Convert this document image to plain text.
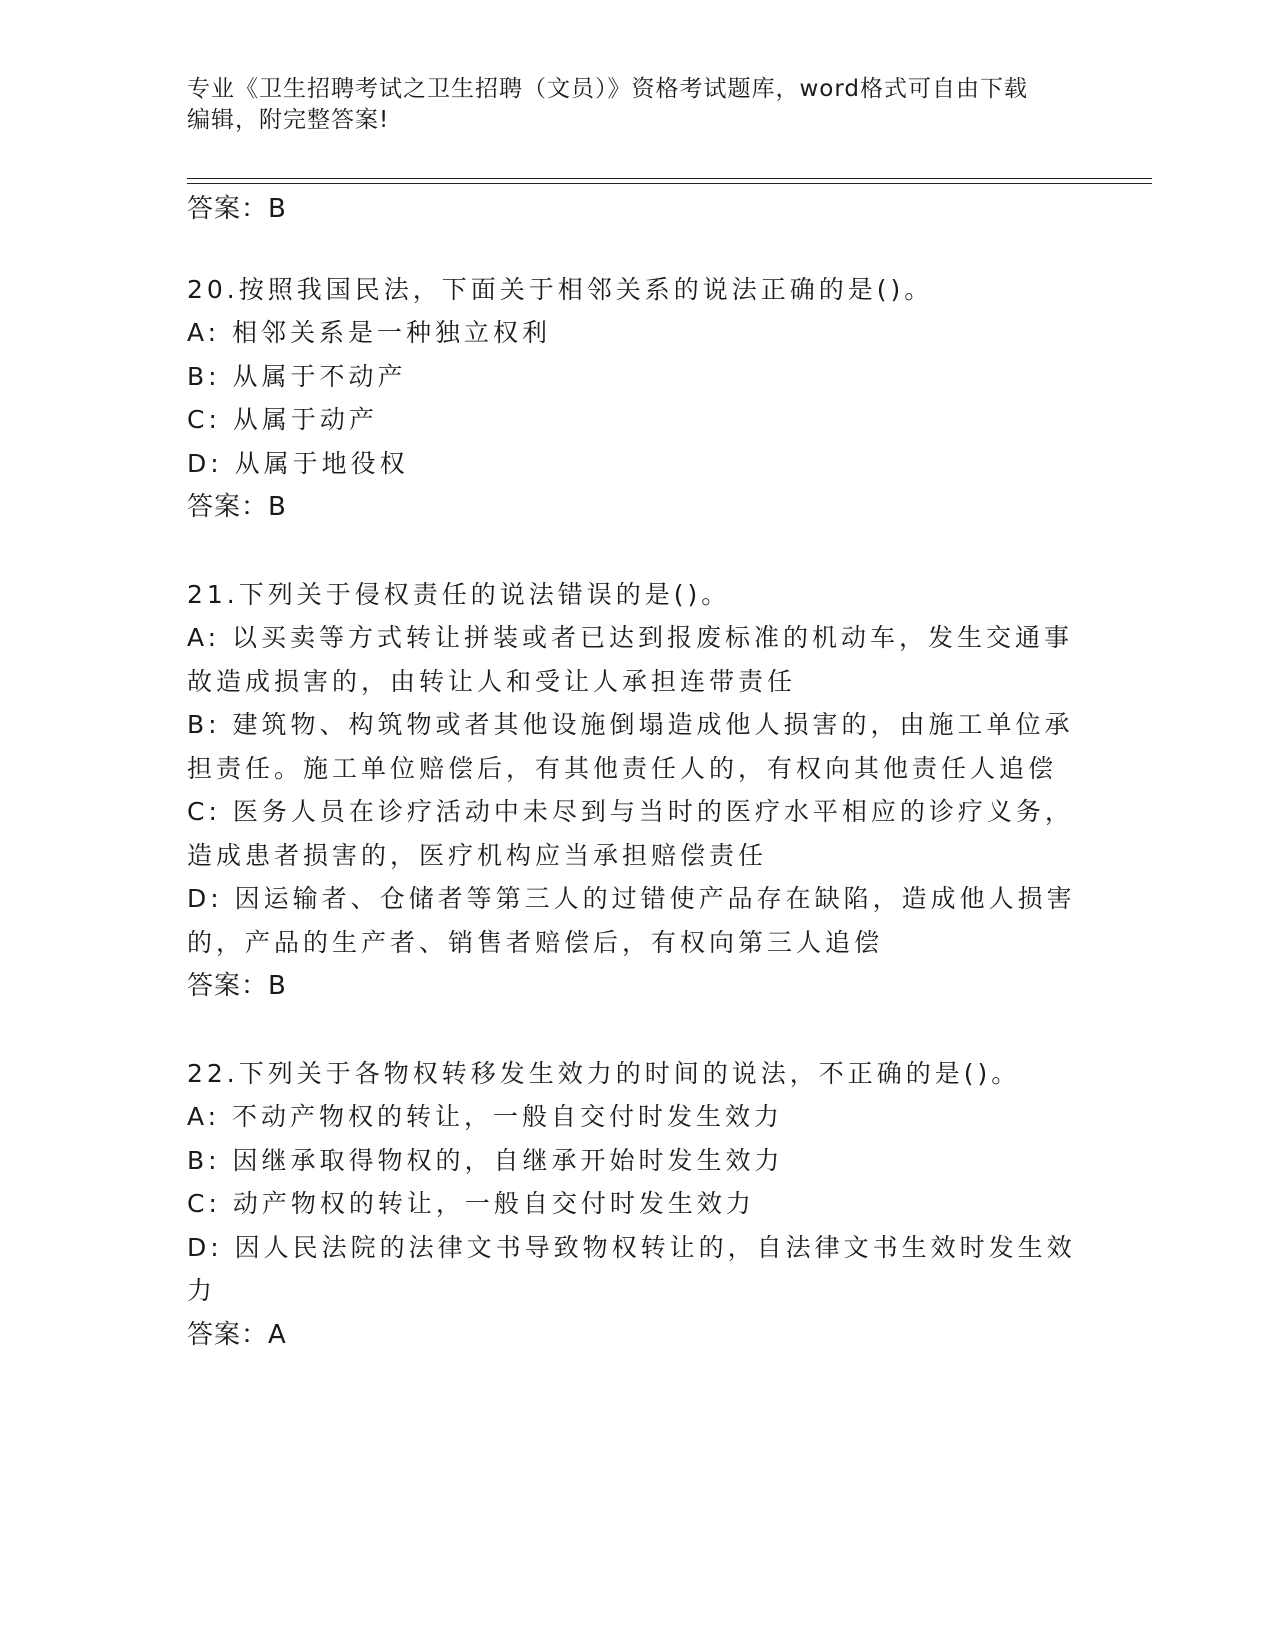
专业《卫生招聘考试之卫生招聘（文员）》资格考试题库，word格式可自由下载
编辑，附完整答案!
答案：B
20.按照我国民法，下面关于相邻关系的说法正确的是()。
A: 相邻关系是一种独立权利
B: 从属于不动产
C: 从属于动产
D: 从属于地役权
答案：B
21.下列关于侵权责任的说法错误的是()。
A: 以买卖等方式转让拼装或者已达到报废标准的机动车，发生交通事
故造成损害的，由转让人和受让人承担连带责任
B: 建筑物、构筑物或者其他设施倒塌造成他人损害的，由施工单位承
担责任。施工单位赔偿后，有其他责任人的，有权向其他责任人追偿
C: 医务人员在诊疗活动中未尽到与当时的医疗水平相应的诊疗义务，
造成患者损害的，医疗机构应当承担赔偿责任
D: 因运输者、仓储者等第三人的过错使产品存在缺陷，造成他人损害
的，产品的生产者、销售者赔偿后，有权向第三人追偿
答案：B
22.下列关于各物权转移发生效力的时间的说法，不正确的是()。
A: 不动产物权的转让，一般自交付时发生效力
B: 因继承取得物权的，自继承开始时发生效力
C: 动产物权的转让，一般自交付时发生效力
D: 因人民法院的法律文书导致物权转让的，自法律文书生效时发生效
力
答案：A
